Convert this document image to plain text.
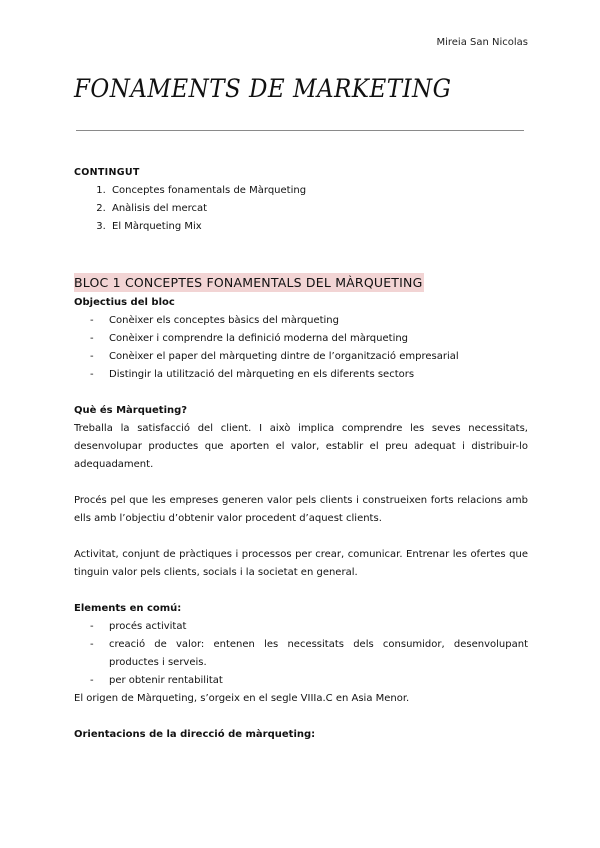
Mireia San Nicolas
FONAMENTS DE MARKETING

CONTINGUT

1. Conceptes fonamentals de Màrqueting
2. Anàlisis del mercat
3. El Màrqueting Mix
BLOC 1 CONCEPTES FONAMENTALS DEL MÀRQUETING

Objectius del bloc

- Conèixer els conceptes bàsics del màrqueting
- Conèixer i comprendre la definició moderna del màrqueting
- Conèixer el paper del màrqueting dintre de l’organització empresarial
- Distingir la utilització del màrqueting en els diferents sectors

Què és Màrqueting?

Treballa la satisfacció del client. I això implica comprendre les seves necessitats, desenvolupar productes que aporten el valor, establir el preu adequat i distribuir-lo adequadament.

Procés pel que les empreses generen valor pels clients i construeixen forts relacions amb ells amb l’objectiu d’obtenir valor procedent d’aquest clients.

Activitat, conjunt de pràctiques i processos per crear, comunicar. Entrenar les ofertes que tinguin valor pels clients, socials i la societat en general.

Elements en comú:

- procés activitat
- creació de valor: entenen les necessitats dels consumidor, desenvolupant productes i serveis.
- per obtenir rentabilitat

El origen de Màrqueting, s’orgeix en el segle VIIIa.C en Asia Menor.

Orientacions de la direcció de màrqueting:
